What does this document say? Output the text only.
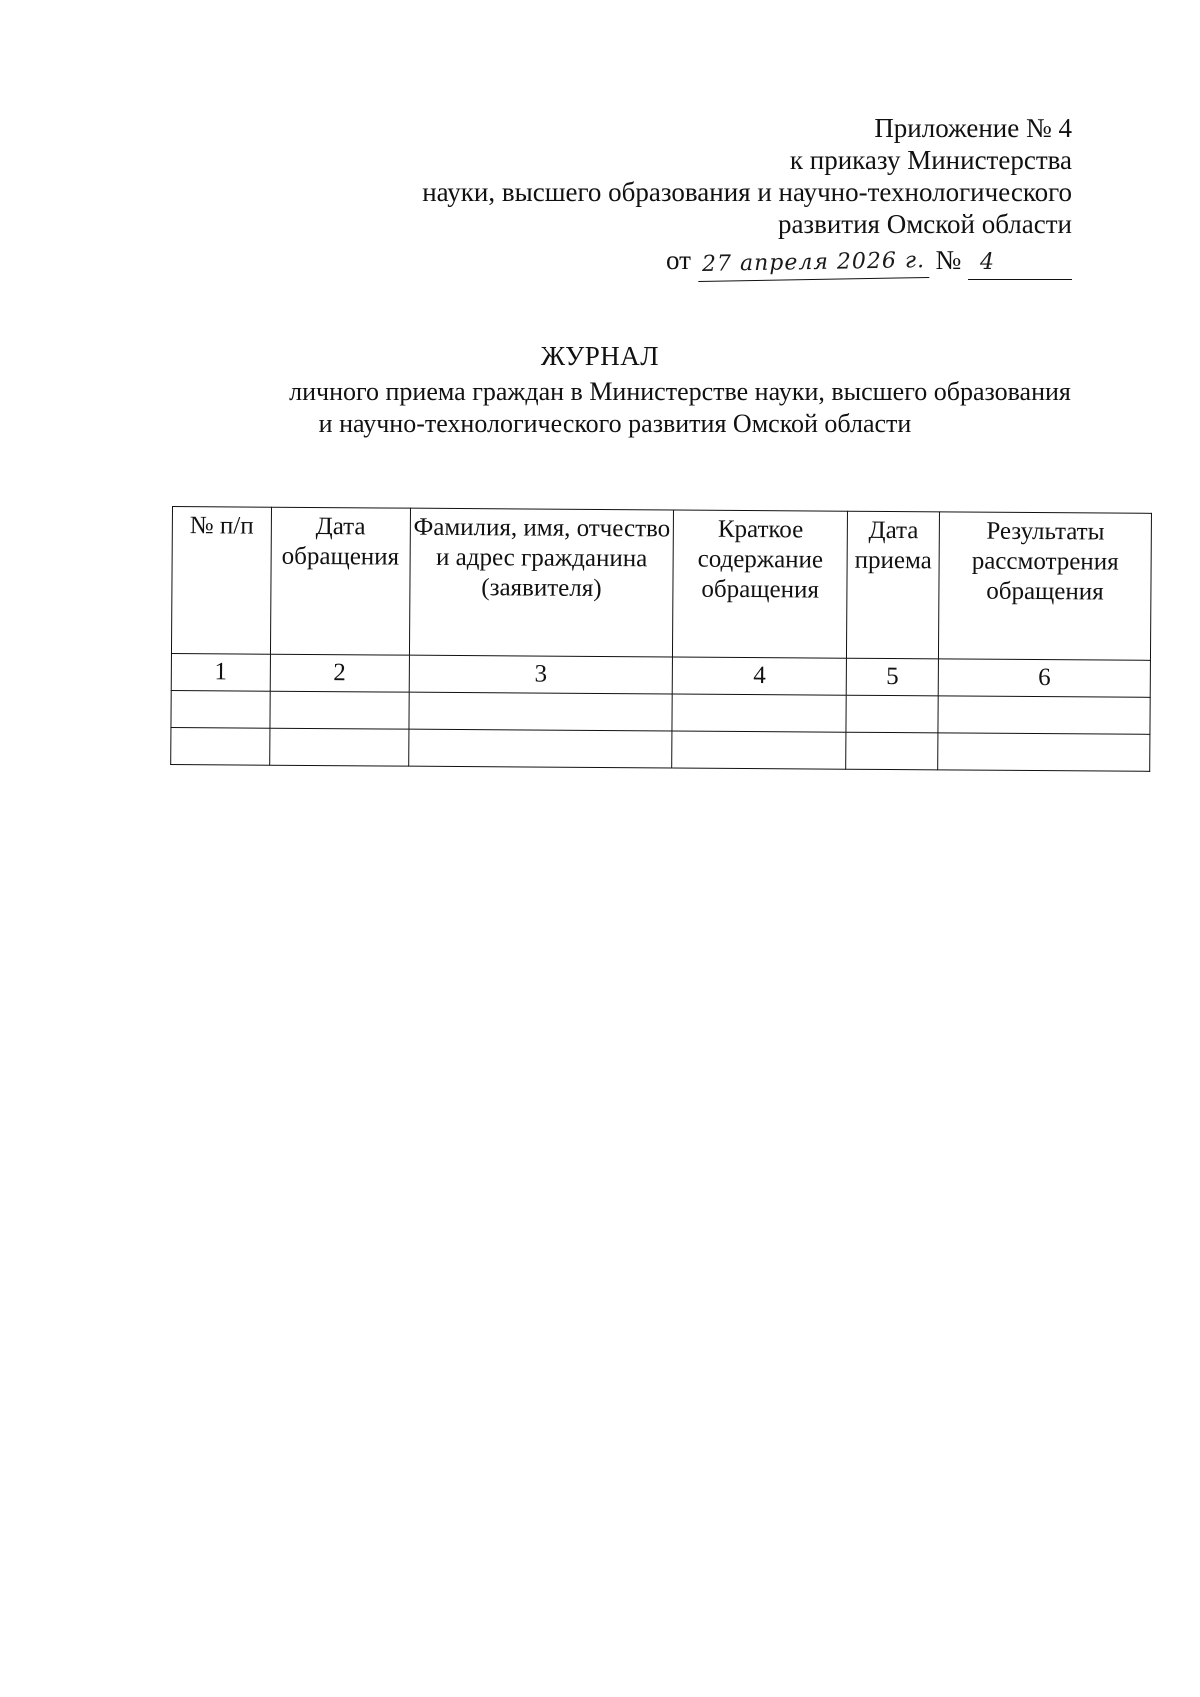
Приложение № 4
к приказу Министерства
науки, высшего образования и научно-технологического
развития Омской области
от 27 апреля 2026 г. № 4
ЖУРНАЛ
личного приема граждан в Министерстве науки, высшего образования
и научно-технологического развития Омской области
№ п/п	Дата обращения	Фамилия, имя, отчество и адрес гражданина (заявителя)	Краткое содержание обращения	Дата приема	Результаты рассмотрения обращения
1	2	3	4	5	6
